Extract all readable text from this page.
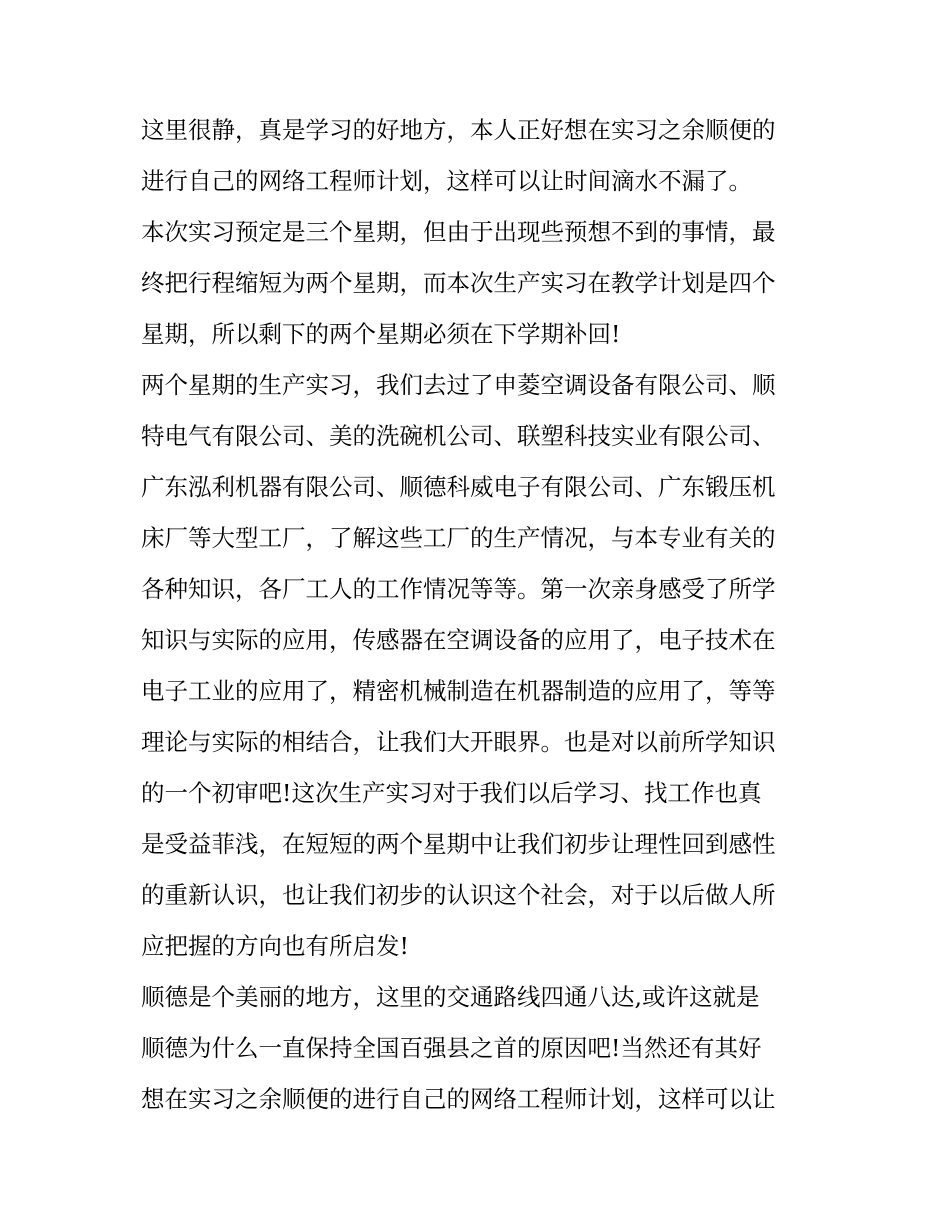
这里很静，真是学习的好地方，本人正好想在实习之余顺便的
进行自己的网络工程师计划，这样可以让时间滴水不漏了。
本次实习预定是三个星期，但由于出现些预想不到的事情，最
终把行程缩短为两个星期，而本次生产实习在教学计划是四个
星期，所以剩下的两个星期必须在下学期补回!
两个星期的生产实习，我们去过了申菱空调设备有限公司、顺
特电气有限公司、美的洗碗机公司、联塑科技实业有限公司、
广东泓利机器有限公司、顺德科威电子有限公司、广东锻压机
床厂等大型工厂，了解这些工厂的生产情况，与本专业有关的
各种知识，各厂工人的工作情况等等。第一次亲身感受了所学
知识与实际的应用，传感器在空调设备的应用了，电子技术在
电子工业的应用了，精密机械制造在机器制造的应用了，等等
理论与实际的相结合，让我们大开眼界。也是对以前所学知识
的一个初审吧!这次生产实习对于我们以后学习、找工作也真
是受益菲浅，在短短的两个星期中让我们初步让理性回到感性
的重新认识，也让我们初步的认识这个社会，对于以后做人所
应把握的方向也有所启发!
顺德是个美丽的地方，这里的交通路线四通八达,或许这就是
顺德为什么一直保持全国百强县之首的原因吧!当然还有其好
想在实习之余顺便的进行自己的网络工程师计划，这样可以让
